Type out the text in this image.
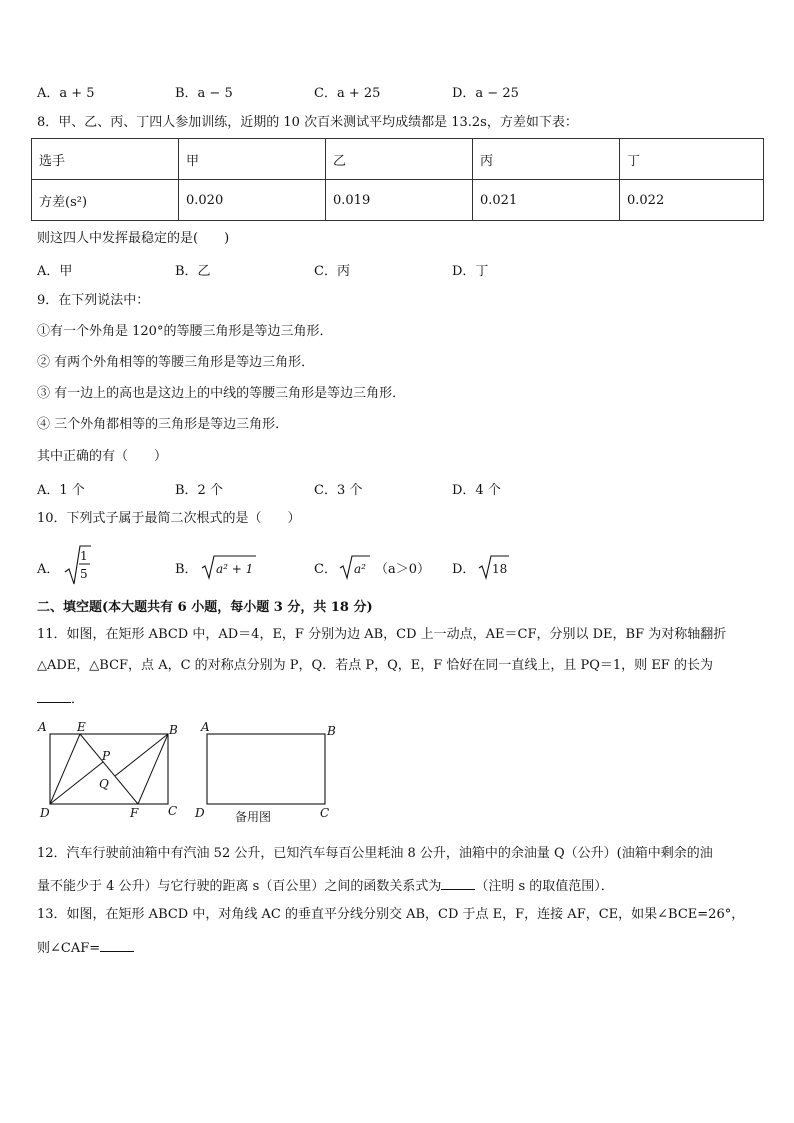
A．a + 5	B．a − 5	C．a + 25	D．a − 25
8．甲、乙、丙、丁四人参加训练，近期的 10 次百米测试平均成绩都是 13.2s，方差如下表：
选手	甲	乙	丙	丁
方差(s²)	0.020	0.019	0.021	0.022
则这四人中发挥最稳定的是(　　)
A．甲	B．乙	C．丙	D．丁
9．在下列说法中：
①有一个外角是 120°的等腰三角形是等边三角形．
② 有两个外角相等的等腰三角形是等边三角形．
③ 有一边上的高也是这边上的中线的等腰三角形是等边三角形．
④ 三个外角都相等的三角形是等边三角形．
其中正确的有（　　）
A．1 个	B．2 个	C．3 个	D．4 个
10．下列式子属于最简二次根式的是（　　）
A．
1
5	B． a² + 1	C． a² （a＞0） D． 18
二、填空题(本大题共有 6 小题，每小题 3 分，共 18 分)
11．如图，在矩形 ABCD 中，AD＝4，E，F 分别为边 AB，CD 上一动点，AE＝CF，分别以 DE，BF 为对称轴翻折
△ADE，△BCF，点 A，C 的对称点分别为 P，Q．若点 P，Q，E，F 恰好在同一直线上，且 PQ＝1，则 EF 的长为
．
A	E	B
P
Q
D	F C
A	B
D	C
备用图
12．汽车行驶前油箱中有汽油 52 公升，已知汽车每百公里耗油 8 公升，油箱中的余油量 Q（公升）(油箱中剩余的油
量不能少于 4 公升）与它行驶的距离 s（百公里）之间的函数关系式为	（注明 s 的取值范围）．
13．如图，在矩形 ABCD 中，对角线 AC 的垂直平分线分别交 AB，CD 于点 E，F，连接 AF，CE，如果∠BCE=26°，
则∠CAF=
